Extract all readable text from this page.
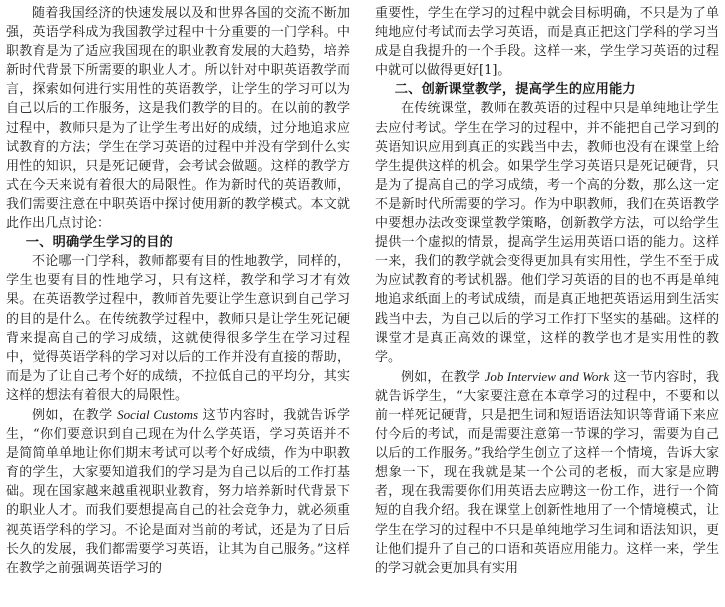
随着我国经济的快速发展以及和世界各国的交流不断加强，英语学科成为我国教学过程中十分重要的一门学科。中职教育是为了适应我国现在的职业教育发展的大趋势，培养新时代背景下所需要的职业人才。所以针对中职英语教学而言，探索如何进行实用性的英语教学，让学生的学习可以为自己以后的工作服务，这是我们教学的目的。在以前的教学过程中，教师只是为了让学生考出好的成绩，过分地追求应试教育的方法；学生在学习英语的过程中并没有学到什么实用性的知识，只是死记硬背，会考试会做题。这样的教学方式在今天来说有着很大的局限性。作为新时代的英语教师，我们需要注意在中职英语中探讨使用新的教学模式。本文就此作出几点讨论：

一、明确学生学习的目的

不论哪一门学科，教师都要有目的性地教学，同样的，学生也要有目的性地学习，只有这样，教学和学习才有效果。在英语教学过程中，教师首先要让学生意识到自己学习的目的是什么。在传统教学过程中，教师只是让学生死记硬背来提高自己的学习成绩，这就使得很多学生在学习过程中，觉得英语学科的学习对以后的工作并没有直接的帮助，而是为了让自己考个好的成绩，不拉低自己的平均分，其实这样的想法有着很大的局限性。

例如，在教学 Social Customs 这节内容时，我就告诉学生，“你们要意识到自己现在为什么学英语，学习英语并不是简简单单地让你们期末考试可以考个好成绩，作为中职教育的学生，大家要知道我们的学习是为自己以后的工作打基础。现在国家越来越重视职业教育，努力培养新时代背景下的职业人才。而我们要想提高自己的社会竞争力，就必须重视英语学科的学习。不论是面对当前的考试，还是为了日后长久的发展，我们都需要学习英语，让其为自己服务。”这样在教学之前强调英语学习的

重要性，学生在学习的过程中就会目标明确，不只是为了单纯地应付考试而去学习英语，而是真正把这门学科的学习当成是自我提升的一个手段。这样一来，学生学习英语的过程中就可以做得更好[1]。

二、创新课堂教学，提高学生的应用能力

在传统课堂，教师在教英语的过程中只是单纯地让学生去应付考试。学生在学习的过程中，并不能把自己学习到的英语知识应用到真正的实践当中去，教师也没有在课堂上给学生提供这样的机会。如果学生学习英语只是死记硬背，只是为了提高自己的学习成绩，考一个高的分数，那么这一定不是新时代所需要的学习。作为中职教师，我们在英语教学中要想办法改变课堂教学策略，创新教学方法，可以给学生提供一个虚拟的情景，提高学生运用英语口语的能力。这样一来，我们的教学就会变得更加具有实用性，学生不至于成为应试教育的考试机器。他们学习英语的目的也不再是单纯地追求纸面上的考试成绩，而是真正地把英语运用到生活实践当中去，为自己以后的学习工作打下坚实的基础。这样的课堂才是真正高效的课堂，这样的教学也才是实用性的教学。

例如，在教学 Job Interview and Work 这一节内容时，我就告诉学生，“大家要注意在本章学习的过程中，不要和以前一样死记硬背，只是把生词和短语语法知识等背诵下来应付今后的考试，而是需要注意第一节课的学习，需要为自己以后的工作服务。”我给学生创立了这样一个情境，告诉大家想象一下，现在我就是某一个公司的老板，而大家是应聘者，现在我需要你们用英语去应聘这一份工作，进行一个简短的自我介绍。我在课堂上创新性地用了一个情境模式，让学生在学习的过程中不只是单纯地学习生词和语法知识，更让他们提升了自己的口语和英语应用能力。这样一来，学生的学习就会更加具有实用
